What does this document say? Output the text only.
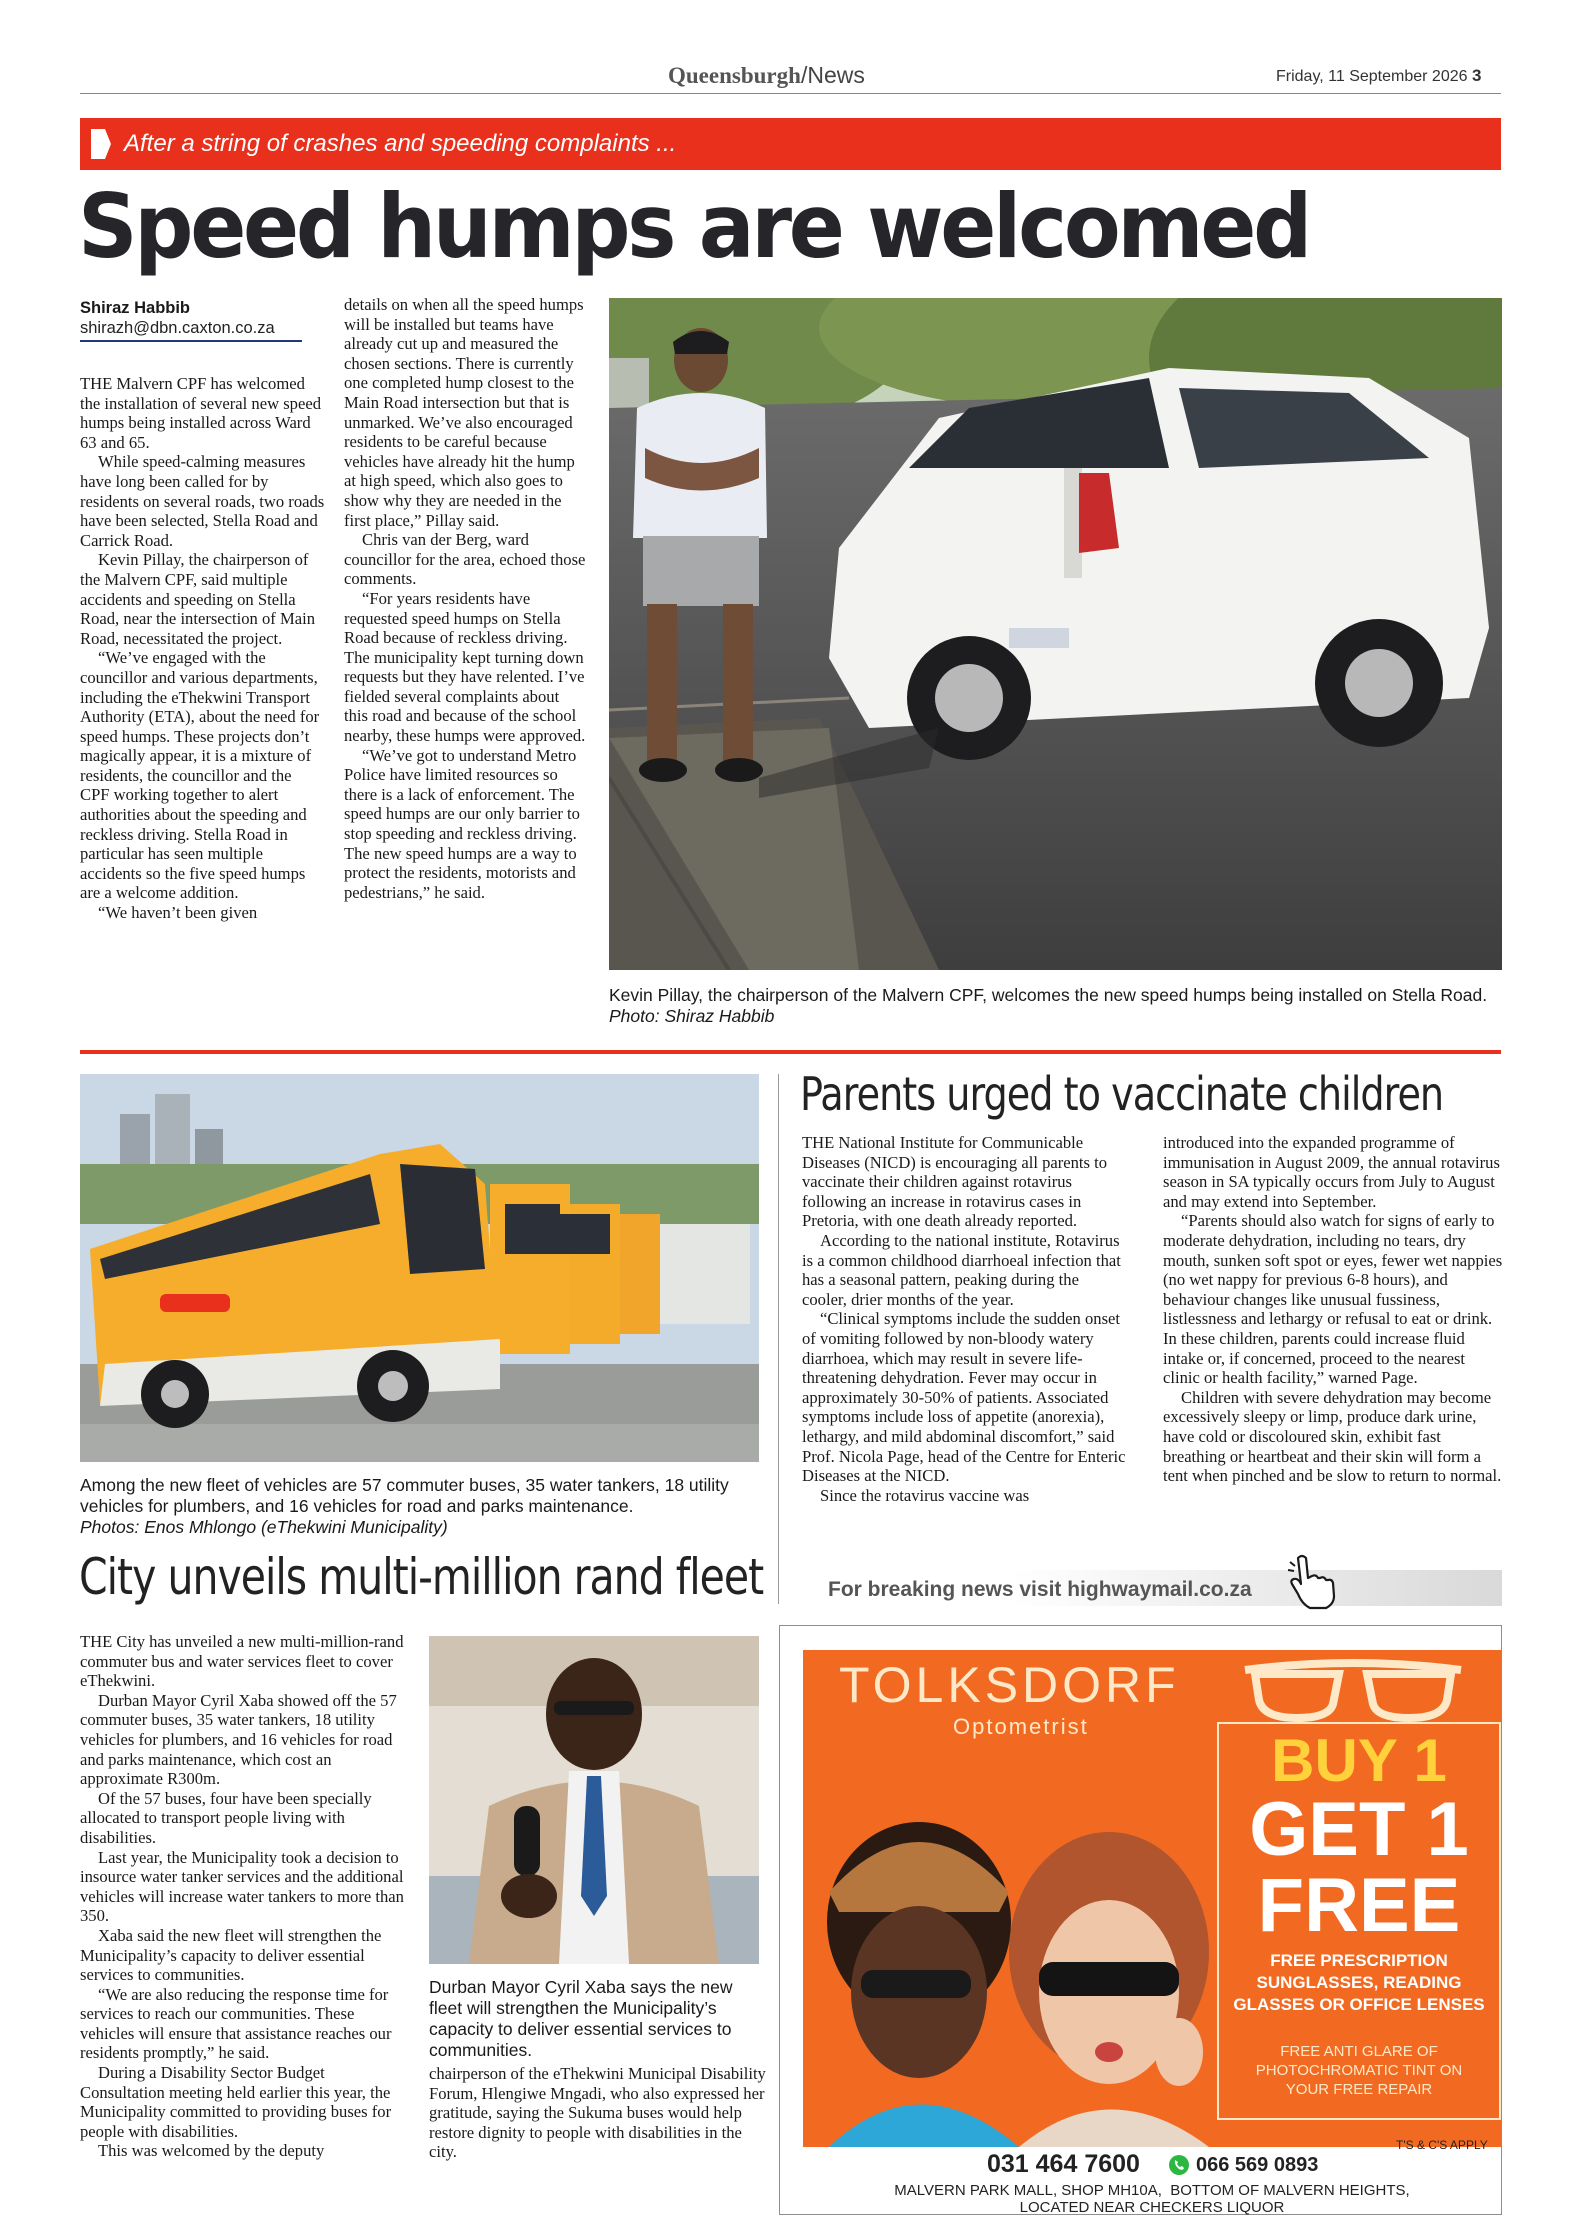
Queensburgh/News	Friday, 11 September 2026 3
After a string of crashes and speeding complaints ...
Speed humps are welcomed
Shiraz Habbib
shirazh@dbn.caxton.co.za

THE Malvern CPF has welcomed the installation of several new speed humps being installed across Ward 63 and 65.

While speed-calming measures have long been called for by residents on several roads, two roads have been selected, Stella Road and Carrick Road.

Kevin Pillay, the chairperson of the Malvern CPF, said multiple accidents and speeding on Stella Road, near the intersection of Main Road, necessitated the project.

“We’ve engaged with the councillor and various departments, including the eThekwini Transport Authority (ETA), about the need for speed humps. These projects don’t magically appear, it is a mixture of residents, the councillor and the CPF working together to alert authorities about the speeding and reckless driving. Stella Road in particular has seen multiple accidents so the five speed humps are a welcome addition.

“We haven’t been given

details on when all the speed humps will be installed but teams have already cut up and measured the chosen sections. There is currently one completed hump closest to the Main Road intersection but that is unmarked. We’ve also encouraged residents to be careful because vehicles have already hit the hump at high speed, which also goes to show why they are needed in the first place,” Pillay said.

Chris van der Berg, ward councillor for the area, echoed those comments.

“For years residents have requested speed humps on Stella Road because of reckless driving. The municipality kept turning down requests but they have relented. I’ve fielded several complaints about this road and because of the school nearby, these humps were approved.

“We’ve got to understand Metro Police have limited resources so there is a lack of enforcement. The speed humps are our only barrier to stop speeding and reckless driving. The new speed humps are a way to protect the residents, motorists and pedestrians,” he said.

Kevin Pillay, the chairperson of the Malvern CPF, welcomes the new speed humps being installed on Stella Road. Photo: Shiraz Habbib
Among the new fleet of vehicles are 57 commuter buses, 35 water tankers, 18 utility vehicles for plumbers, and 16 vehicles for road and parks maintenance.
Photos: Enos Mhlongo (eThekwini Municipality)
City unveils multi-million rand fleet

THE City has unveiled a new multi-million-rand commuter bus and water services fleet to cover eThekwini.

Durban Mayor Cyril Xaba showed off the 57 commuter buses, 35 water tankers, 18 utility vehicles for plumbers, and 16 vehicles for road and parks maintenance, which cost an approximate R300m.

Of the 57 buses, four have been specially allocated to transport people living with disabilities.

Last year, the Municipality took a decision to insource water tanker services and the additional vehicles will increase water tankers to more than 350.

Xaba said the new fleet will strengthen the Municipality’s capacity to deliver essential services to communities.

“We are also reducing the response time for services to reach our communities. These vehicles will ensure that assistance reaches our residents promptly,” he said.

During a Disability Sector Budget Consultation meeting held earlier this year, the Municipality committed to providing buses for people with disabilities.

This was welcomed by the deputy

Durban Mayor Cyril Xaba says the new fleet will strengthen the Municipality’s capacity to deliver essential services to communities.

chairperson of the eThekwini Municipal Disability Forum, Hlengiwe Mngadi, who also expressed her gratitude, saying the Sukuma buses would help restore dignity to people with disabilities in the city.

Parents urged to vaccinate children

THE National Institute for Communicable Diseases (NICD) is encouraging all parents to vaccinate their children against rotavirus following an increase in rotavirus cases in Pretoria, with one death already reported.

According to the national institute, Rotavirus is a common childhood diarrhoeal infection that has a seasonal pattern, peaking during the cooler, drier months of the year.

“Clinical symptoms include the sudden onset of vomiting followed by non-bloody watery diarrhoea, which may result in severe life-threatening dehydration. Fever may occur in approximately 30-50% of patients. Associated symptoms include loss of appetite (anorexia), lethargy, and mild abdominal discomfort,” said Prof. Nicola Page, head of the Centre for Enteric Diseases at the NICD.

Since the rotavirus vaccine was

introduced into the expanded programme of immunisation in August 2009, the annual rotavirus season in SA typically occurs from July to August and may extend into September.

“Parents should also watch for signs of early to moderate dehydration, including no tears, dry mouth, sunken soft spot or eyes, fewer wet nappies (no wet nappy for previous 6-8 hours), and behaviour changes like unusual fussiness, listlessness and lethargy or refusal to eat or drink. In these children, parents could increase fluid intake or, if concerned, proceed to the nearest clinic or health facility,” warned Page.

Children with severe dehydration may become excessively sleepy or limp, produce dark urine, have cold or discoloured skin, exhibit fast breathing or heartbeat and their skin will form a tent when pinched and be slow to return to normal.

For breaking news visit highwaymail.co.za
TOLKSDORF
Optometrist
BUY 1
GET 1
FREE
FREE PRESCRIPTION SUNGLASSES, READING GLASSES OR OFFICE LENSES
FREE ANTI GLARE OF PHOTOCHROMATIC TINT ON YOUR FREE REPAIR
T'S & C'S APPLY
031 464 7600	066 569 0893
MALVERN PARK MALL, SHOP MH10A,  BOTTOM OF MALVERN HEIGHTS,
LOCATED NEAR CHECKERS LIQUOR
